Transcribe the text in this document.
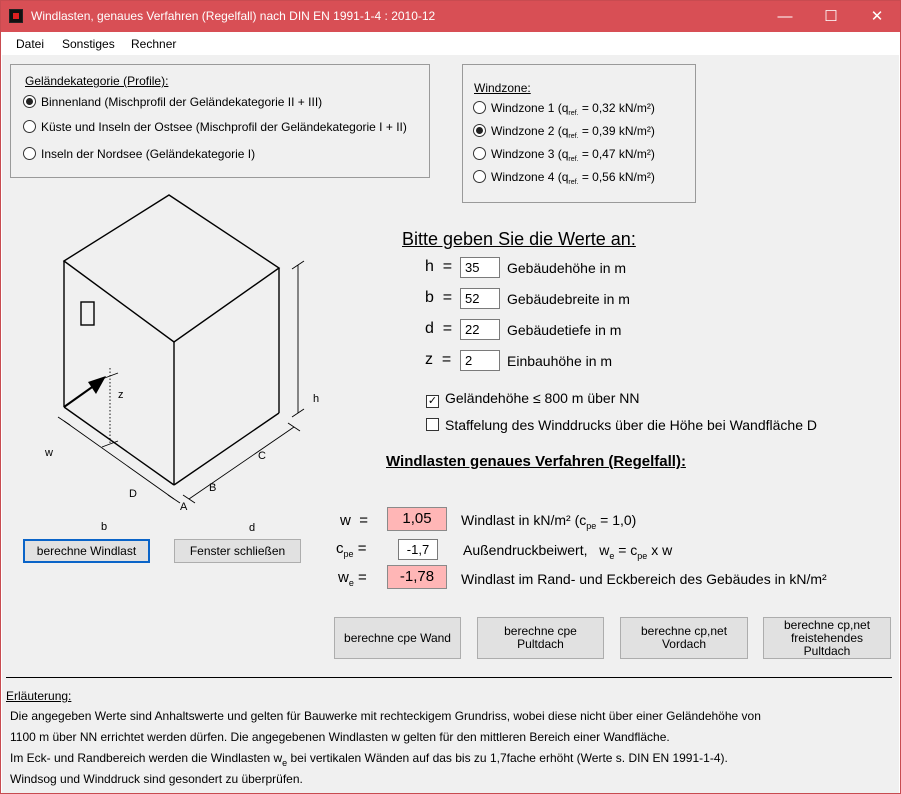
Windlasten, genaues Verfahren (Regelfall) nach DIN EN 1991-1-4 : 2010-12	—	☐	✕
Datei Sonstiges Rechner
Geländekategorie (Profile):
Binnenland (Mischprofil der Geländekategorie II + III)
Küste und Inseln der Ostsee (Mischprofil der Geländekategorie I + II)
Inseln der Nordsee (Geländekategorie I)
Windzone:
Windzone 1 ($q_{ref.} = 0,32$ kN/m²)
Windzone 2 ($q_{ref.} = 0,39$ kN/m²)
Windzone 3 ($q_{ref.} = 0,47$ kN/m²)
Windzone 4 ($q_{ref.} = 0,56$ kN/m²)
h
z
w
b	d
A
B
C
D
Bitte geben Sie die Werte an:
h = 35	Gebäudehöhe in m
b = 52	Gebäudebreite in m
d = 22	Gebäudetiefe in m
z =	2	Einbauhöhe in m
✓ Geländehöhe ≤ 800 m über NN
Staffelung des Winddrucks über die Höhe bei Wandfläche D
Windlasten genaues Verfahren (Regelfall):
w =	1,05	Windlast in kN/m² $(c_{pe} = 1,0)$
$c_{pe}$ =	-1,7	Außendruckbeiwert, $w_e = c_{pe}$ x w
$w_e$ =	-1,78	Windlast im Rand- und Eckbereich des Gebäudes in kN/m²
berechne Windlast	Fenster schließen
berechne cpe Wand	berechne cpe Pultdach
berechne cp,net
Vordach
berechne cp,net
freistehendes Pultdach
Erläuterung:
Die angegeben Werte sind Anhaltswerte und gelten für Bauwerke mit rechteckigem Grundriss, wobei diese nicht über einer Geländehöhe von
1100 m über NN errichtet werden dürfen. Die angegebenen Windlasten w gelten für den mittleren Bereich einer Wandfläche.
Im Eck- und Randbereich werden die Windlasten $w_e$ bei vertikalen Wänden auf das bis zu 1,7fache erhöht (Werte s. DIN EN 1991-1-4).
Windsog und Winddruck sind gesondert zu überprüfen.
